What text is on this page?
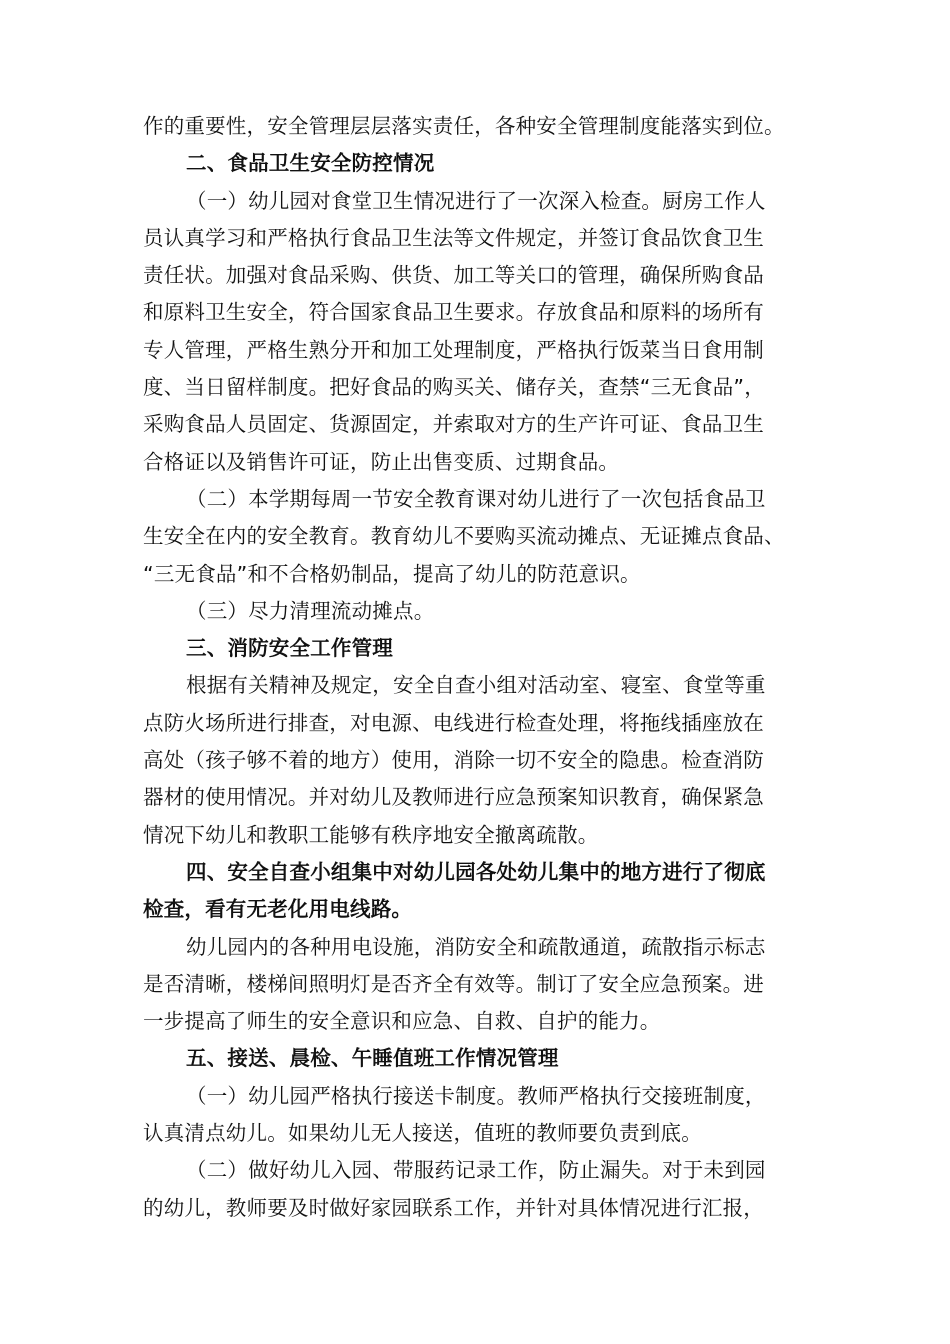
作的重要性，安全管理层层落实责任，各种安全管理制度能落实到位。
二、食品卫生安全防控情况
（一）幼儿园对食堂卫生情况进行了一次深入检查。厨房工作人
员认真学习和严格执行食品卫生法等文件规定，并签订食品饮食卫生
责任状。加强对食品采购、供货、加工等关口的管理，确保所购食品
和原料卫生安全，符合国家食品卫生要求。存放食品和原料的场所有
专人管理，严格生熟分开和加工处理制度，严格执行饭菜当日食用制
度、当日留样制度。把好食品的购买关、储存关，查禁“三无食品”，
采购食品人员固定、货源固定，并索取对方的生产许可证、食品卫生
合格证以及销售许可证，防止出售变质、过期食品。
（二）本学期每周一节安全教育课对幼儿进行了一次包括食品卫
生安全在内的安全教育。教育幼儿不要购买流动摊点、无证摊点食品、
“三无食品”和不合格奶制品，提高了幼儿的防范意识。
（三）尽力清理流动摊点。
三、消防安全工作管理
根据有关精神及规定，安全自查小组对活动室、寝室、食堂等重
点防火场所进行排查，对电源、电线进行检查处理，将拖线插座放在
高处（孩子够不着的地方）使用，消除一切不安全的隐患。检查消防
器材的使用情况。并对幼儿及教师进行应急预案知识教育，确保紧急
情况下幼儿和教职工能够有秩序地安全撤离疏散。
四、安全自查小组集中对幼儿园各处幼儿集中的地方进行了彻底
检查，看有无老化用电线路。
幼儿园内的各种用电设施，消防安全和疏散通道，疏散指示标志
是否清晰，楼梯间照明灯是否齐全有效等。制订了安全应急预案。进
一步提高了师生的安全意识和应急、自救、自护的能力。
五、接送、晨检、午睡值班工作情况管理
（一）幼儿园严格执行接送卡制度。教师严格执行交接班制度，
认真清点幼儿。如果幼儿无人接送，值班的教师要负责到底。
（二）做好幼儿入园、带服药记录工作，防止漏失。对于未到园
的幼儿，教师要及时做好家园联系工作，并针对具体情况进行汇报，
